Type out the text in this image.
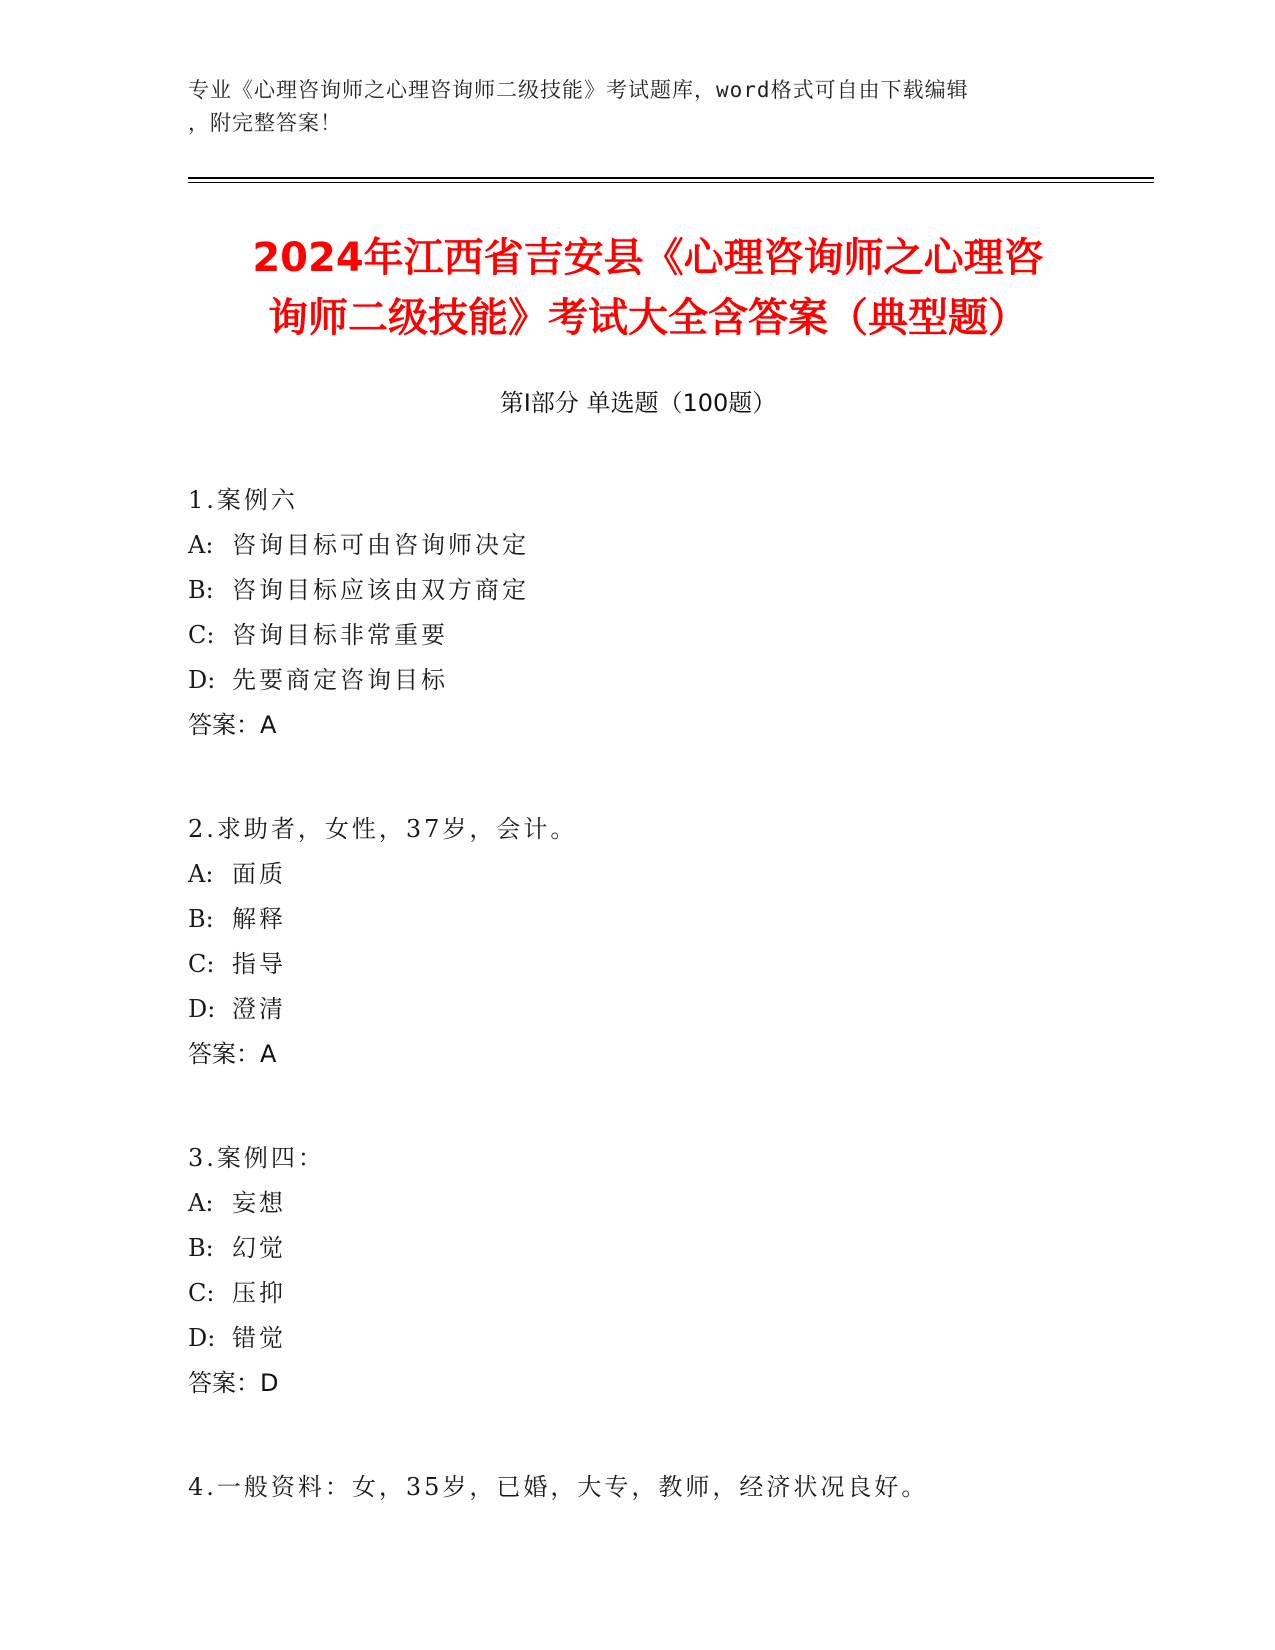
专业《心理咨询师之心理咨询师二级技能》考试题库，word格式可自由下载编辑
，附完整答案！
2024年江西省吉安县《心理咨询师之心理咨
询师二级技能》考试大全含答案（典型题）
第Ⅰ部分 单选题（100题）
1.案例六
A: 咨询目标可由咨询师决定
B: 咨询目标应该由双方商定
C: 咨询目标非常重要
D: 先要商定咨询目标
答案：A
2.求助者，女性，37岁，会计。
A: 面质
B: 解释
C: 指导
D: 澄清
答案：A
3.案例四：
A: 妄想
B: 幻觉
C: 压抑
D: 错觉
答案：D
4.一般资料：女，35岁，已婚，大专，教师，经济状况良好。
